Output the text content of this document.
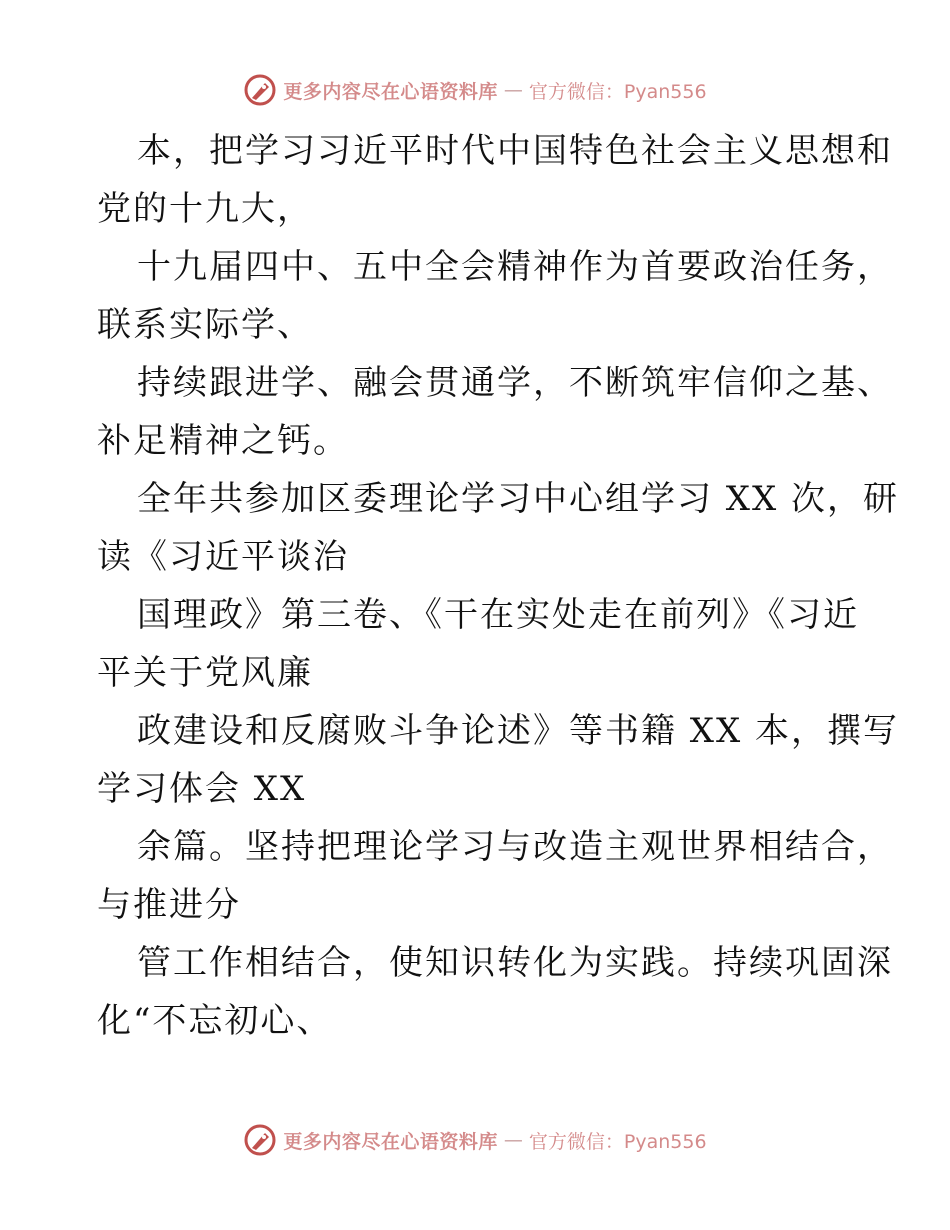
更多内容尽在心语资料库 — 官方微信：Pyan556
本，把学习习近平时代中国特色社会主义思想和
党的十九大，
十九届四中、五中全会精神作为首要政治任务，
联系实际学、
持续跟进学、融会贯通学，不断筑牢信仰之基、
补足精神之钙。
全年共参加区委理论学习中心组学习 XX 次，研
读《习近平谈治
国理政》第三卷、《干在实处走在前列》《习近
平关于党风廉
政建设和反腐败斗争论述》等书籍 XX 本，撰写
学习体会 XX
余篇。坚持把理论学习与改造主观世界相结合，
与推进分
管工作相结合，使知识转化为实践。持续巩固深
化“不忘初心、
更多内容尽在心语资料库 — 官方微信：Pyan556
